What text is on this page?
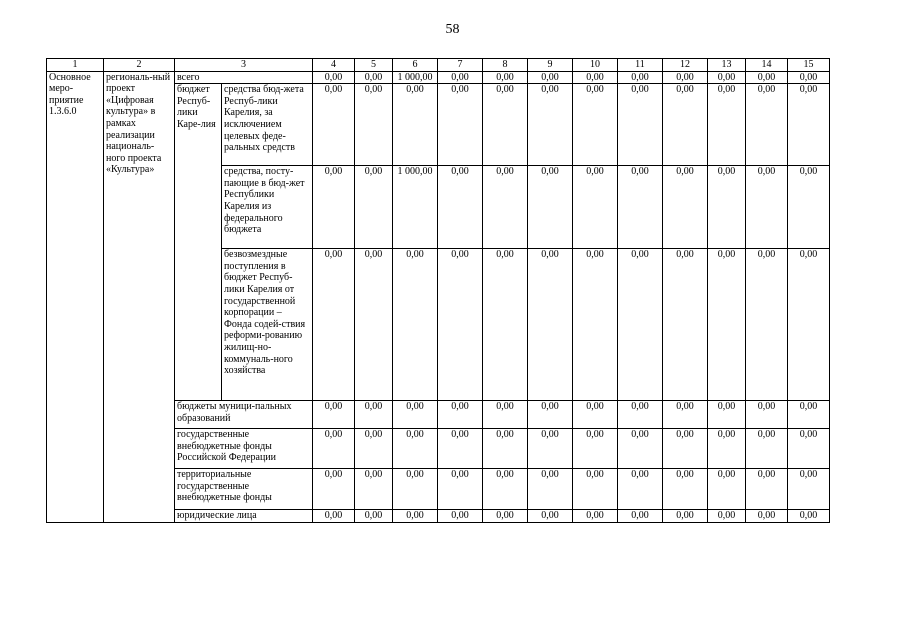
58
1	2	3		4	5	6	7	8	9	10	11	12	13	14	15
Основное меро-приятие 1.3.6.0	региональ-ный проект «Цифровая культура» в рамках реализации националь-ного проекта «Культура»	всего		0,00	0,00	1 000,00	0,00	0,00	0,00	0,00	0,00	0,00	0,00	0,00	0,00
		бюджет Респуб-лики Каре-лия	средства бюд-жета Респуб-лики Карелия, за исключением целевых феде-ральных средств	0,00	0,00	0,00	0,00	0,00	0,00	0,00	0,00	0,00	0,00	0,00	0,00
			средства, посту-пающие в бюд-жет Республики Карелия из федерального бюджета	0,00	0,00	1 000,00	0,00	0,00	0,00	0,00	0,00	0,00	0,00	0,00	0,00
			безвозмездные поступления в бюджет Респуб-лики Карелия от государственной корпорации – Фонда содей-ствия реформи-рованию жилищ-но-коммуналь-ного хозяйства	0,00	0,00	0,00	0,00	0,00	0,00	0,00	0,00	0,00	0,00	0,00	0,00
		бюджеты муници-пальных образований		0,00	0,00	0,00	0,00	0,00	0,00	0,00	0,00	0,00	0,00	0,00	0,00
		государственные внебюджетные фонды Российской Федерации		0,00	0,00	0,00	0,00	0,00	0,00	0,00	0,00	0,00	0,00	0,00	0,00
		территориальные государственные внебюджетные фонды		0,00	0,00	0,00	0,00	0,00	0,00	0,00	0,00	0,00	0,00	0,00	0,00
		юридические лица		0,00	0,00	0,00	0,00	0,00	0,00	0,00	0,00	0,00	0,00	0,00	0,00
